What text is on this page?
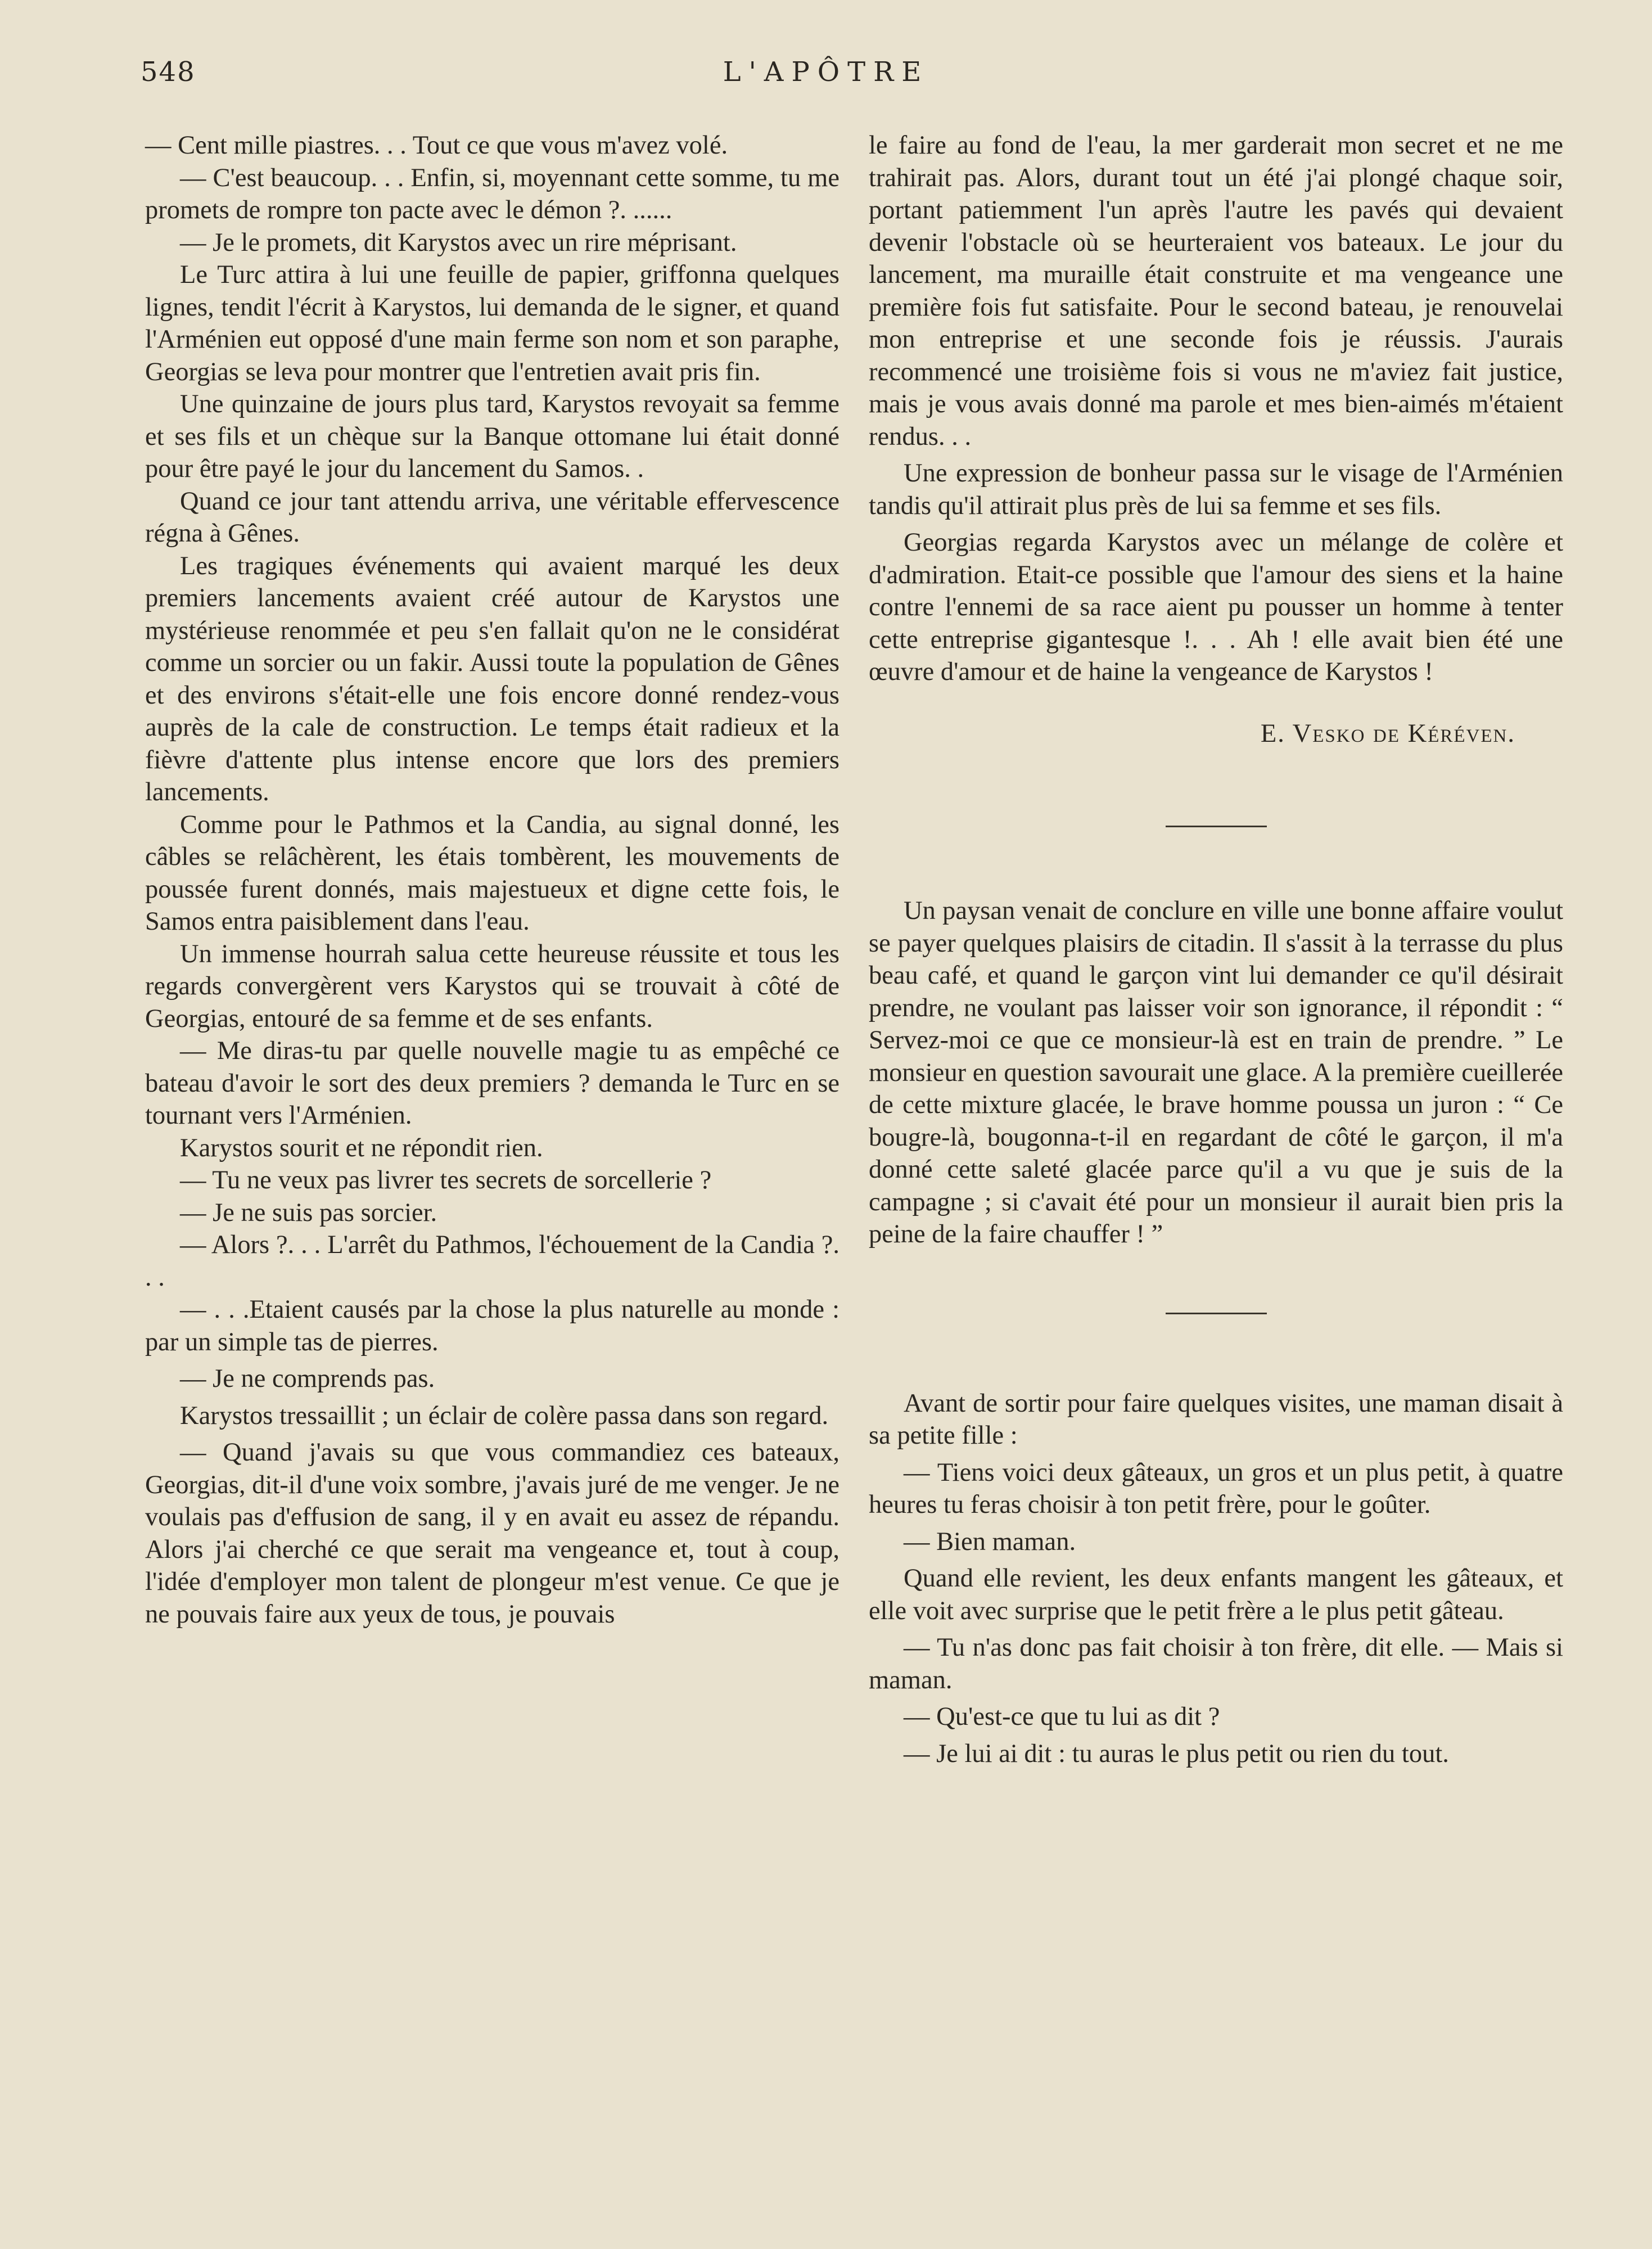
548	L'APÔTRE

— Cent mille piastres. . . Tout ce que vous m'avez volé.

— C'est beaucoup. . . Enfin, si, moyennant cette somme, tu me promets de rompre ton pacte avec le démon ?. ......

— Je le promets, dit Karystos avec un rire méprisant.

Le Turc attira à lui une feuille de papier, griffonna quelques lignes, tendit l'écrit à Karystos, lui demanda de le signer, et quand l'Arménien eut opposé d'une main ferme son nom et son paraphe, Georgias se leva pour montrer que l'entretien avait pris fin.

Une quinzaine de jours plus tard, Karystos revoyait sa femme et ses fils et un chèque sur la Banque ottomane lui était donné pour être payé le jour du lancement du Samos. .

Quand ce jour tant attendu arriva, une véritable effervescence régna à Gênes.

Les tragiques événements qui avaient marqué les deux premiers lancements avaient créé autour de Karystos une mystérieuse renommée et peu s'en fallait qu'on ne le considérat comme un sorcier ou un fakir. Aussi toute la population de Gênes et des environs s'était-elle une fois encore donné rendez-vous auprès de la cale de construction. Le temps était radieux et la fièvre d'attente plus intense encore que lors des premiers lancements.

Comme pour le Pathmos et la Candia, au signal donné, les câbles se relâchèrent, les étais tombèrent, les mouvements de poussée furent donnés, mais majestueux et digne cette fois, le Samos entra paisiblement dans l'eau.

Un immense hourrah salua cette heureuse réussite et tous les regards convergèrent vers Karystos qui se trouvait à côté de Georgias, entouré de sa femme et de ses enfants.

— Me diras-tu par quelle nouvelle magie tu as empêché ce bateau d'avoir le sort des deux premiers ? demanda le Turc en se tournant vers l'Arménien.

Karystos sourit et ne répondit rien.

— Tu ne veux pas livrer tes secrets de sorcellerie ?

— Je ne suis pas sorcier.

— Alors ?. . . L'arrêt du Pathmos, l'échouement de la Candia ?. . .

— . . .Etaient causés par la chose la plus naturelle au monde : par un simple tas de pierres.

— Je ne comprends pas.

Karystos tressaillit ; un éclair de colère passa dans son regard.

— Quand j'avais su que vous commandiez ces bateaux, Georgias, dit-il d'une voix sombre, j'avais juré de me venger. Je ne voulais pas d'effusion de sang, il y en avait eu assez de répandu. Alors j'ai cherché ce que serait ma vengeance et, tout à coup, l'idée d'employer mon talent de plongeur m'est venue. Ce que je ne pouvais faire aux yeux de tous, je pouvais

le faire au fond de l'eau, la mer garderait mon secret et ne me trahirait pas. Alors, durant tout un été j'ai plongé chaque soir, portant patiemment l'un après l'autre les pavés qui devaient devenir l'obstacle où se heurteraient vos bateaux. Le jour du lancement, ma muraille était construite et ma vengeance une première fois fut satisfaite. Pour le second bateau, je renouvelai mon entreprise et une seconde fois je réussis. J'aurais recommencé une troisième fois si vous ne m'aviez fait justice, mais je vous avais donné ma parole et mes bien-aimés m'étaient rendus. . .

Une expression de bonheur passa sur le visage de l'Arménien tandis qu'il attirait plus près de lui sa femme et ses fils.

Georgias regarda Karystos avec un mélange de colère et d'admiration. Etait-ce possible que l'amour des siens et la haine contre l'ennemi de sa race aient pu pousser un homme à tenter cette entreprise gigantesque !. . . Ah ! elle avait bien été une œuvre d'amour et de haine la vengeance de Karystos !

E. Vesko de Kéréven.

Un paysan venait de conclure en ville une bonne affaire voulut se payer quelques plaisirs de citadin. Il s'assit à la terrasse du plus beau café, et quand le garçon vint lui demander ce qu'il désirait prendre, ne voulant pas laisser voir son ignorance, il répondit : “ Servez-moi ce que ce monsieur-là est en train de prendre. ” Le monsieur en question savourait une glace. A la première cueillerée de cette mixture glacée, le brave homme poussa un juron : “ Ce bougre-là, bougonna-t-il en regardant de côté le garçon, il m'a donné cette saleté glacée parce qu'il a vu que je suis de la campagne ; si c'avait été pour un monsieur il aurait bien pris la peine de la faire chauffer ! ”

Avant de sortir pour faire quelques visites, une maman disait à sa petite fille :

— Tiens voici deux gâteaux, un gros et un plus petit, à quatre heures tu feras choisir à ton petit frère, pour le goûter.

— Bien maman.

Quand elle revient, les deux enfants mangent les gâteaux, et elle voit avec surprise que le petit frère a le plus petit gâteau.

— Tu n'as donc pas fait choisir à ton frère, dit elle. — Mais si maman.

— Qu'est-ce que tu lui as dit ?

— Je lui ai dit : tu auras le plus petit ou rien du tout.
